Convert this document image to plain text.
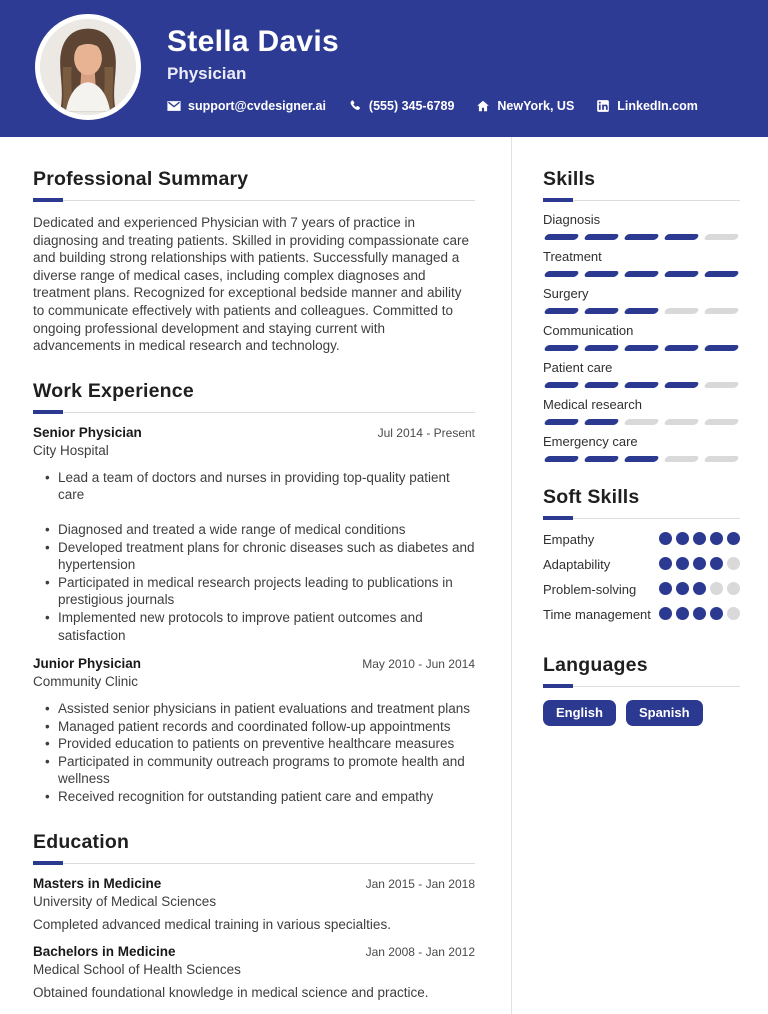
Stella Davis
Physician
support@cvdesigner.ai	(555) 345-6789	NewYork, US	LinkedIn.com
Professional Summary
Dedicated and experienced Physician with 7 years of practice in diagnosing and treating patients. Skilled in providing compassionate care and building strong relationships with patients. Successfully managed a diverse range of medical cases, including complex diagnoses and treatment plans. Recognized for exceptional bedside manner and ability to communicate effectively with patients and colleagues. Committed to ongoing professional development and staying current with advancements in medical research and technology.
Work Experience
Senior Physician	Jul 2014 - Present
City Hospital
• Lead a team of doctors and nurses in providing top-quality patient care
• Diagnosed and treated a wide range of medical conditions
• Developed treatment plans for chronic diseases such as diabetes and hypertension
• Participated in medical research projects leading to publications in prestigious journals
• Implemented new protocols to improve patient outcomes and satisfaction
Junior Physician	May 2010 - Jun 2014
Community Clinic
• Assisted senior physicians in patient evaluations and treatment plans
• Managed patient records and coordinated follow-up appointments
• Provided education to patients on preventive healthcare measures
• Participated in community outreach programs to promote health and wellness
• Received recognition for outstanding patient care and empathy
Education
Masters in Medicine	Jan 2015 - Jan 2018
University of Medical Sciences
Completed advanced medical training in various specialties.
Bachelors in Medicine	Jan 2008 - Jan 2012
Medical School of Health Sciences
Obtained foundational knowledge in medical science and practice.
Skills
Diagnosis
Treatment
Surgery
Communication
Patient care
Medical research
Emergency care
Soft Skills
Empathy
Adaptability
Problem-solving
Time management
Languages
English	Spanish
